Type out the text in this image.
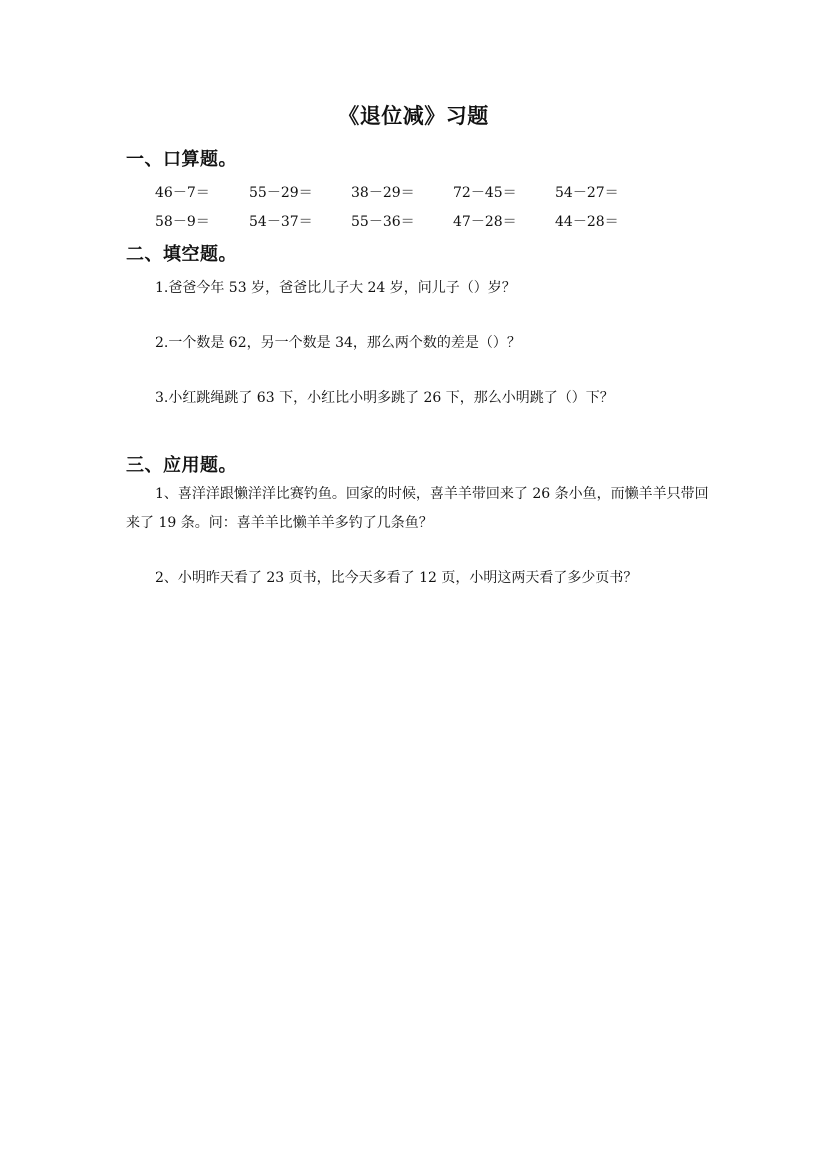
《退位减》习题
一、口算题。
46－7＝	55－29＝	38－29＝	72－45＝	54－27＝
58－9＝	54－37＝	55－36＝	47－28＝	44－28＝
二、填空题。
1.爸爸今年 53 岁，爸爸比儿子大 24 岁，问儿子（）岁？
2.一个数是 62，另一个数是 34，那么两个数的差是（）？
3.小红跳绳跳了 63 下，小红比小明多跳了 26 下，那么小明跳了（）下？
三、应用题。
1、喜洋洋跟懒洋洋比赛钓鱼。回家的时候，喜羊羊带回来了 26 条小鱼，而懒羊羊只带回来了 19 条。问：喜羊羊比懒羊羊多钓了几条鱼？
2、小明昨天看了 23 页书，比今天多看了 12 页，小明这两天看了多少页书？
